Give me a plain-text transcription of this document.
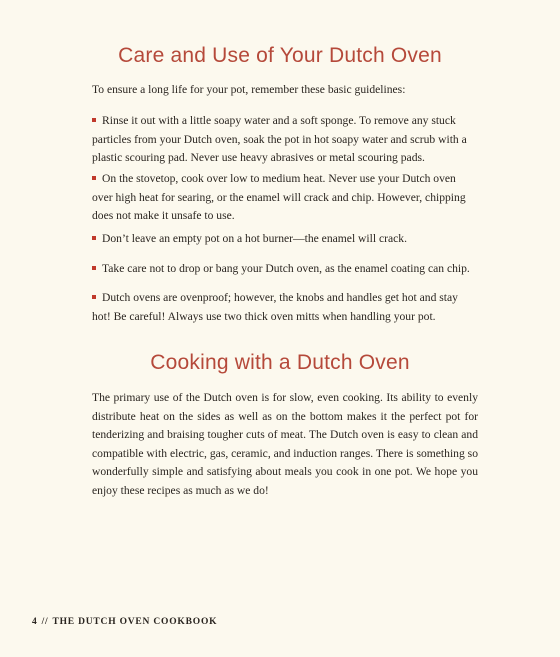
Care and Use of Your Dutch Oven

To ensure a long life for your pot, remember these basic guidelines:

Rinse it out with a little soapy water and a soft sponge. To remove any stuck particles from your Dutch oven, soak the pot in hot soapy water and scrub with a plastic scouring pad. Never use heavy abrasives or metal scouring pads.

On the stovetop, cook over low to medium heat. Never use your Dutch oven over high heat for searing, or the enamel will crack and chip. However, chipping does not make it unsafe to use.

Don’t leave an empty pot on a hot burner—the enamel will crack.

Take care not to drop or bang your Dutch oven, as the enamel coating can chip.

Dutch ovens are ovenproof; however, the knobs and handles get hot and stay hot! Be careful! Always use two thick oven mitts when handling your pot.

Cooking with a Dutch Oven

The primary use of the Dutch oven is for slow, even cooking. Its ability to evenly distribute heat on the sides as well as on the bottom makes it the perfect pot for tenderizing and braising tougher cuts of meat. The Dutch oven is easy to clean and compatible with electric, gas, ceramic, and induction ranges. There is something so wonderfully simple and satisfying about meals you cook in one pot. We hope you enjoy these recipes as much as we do!

4 // THE DUTCH OVEN COOKBOOK
